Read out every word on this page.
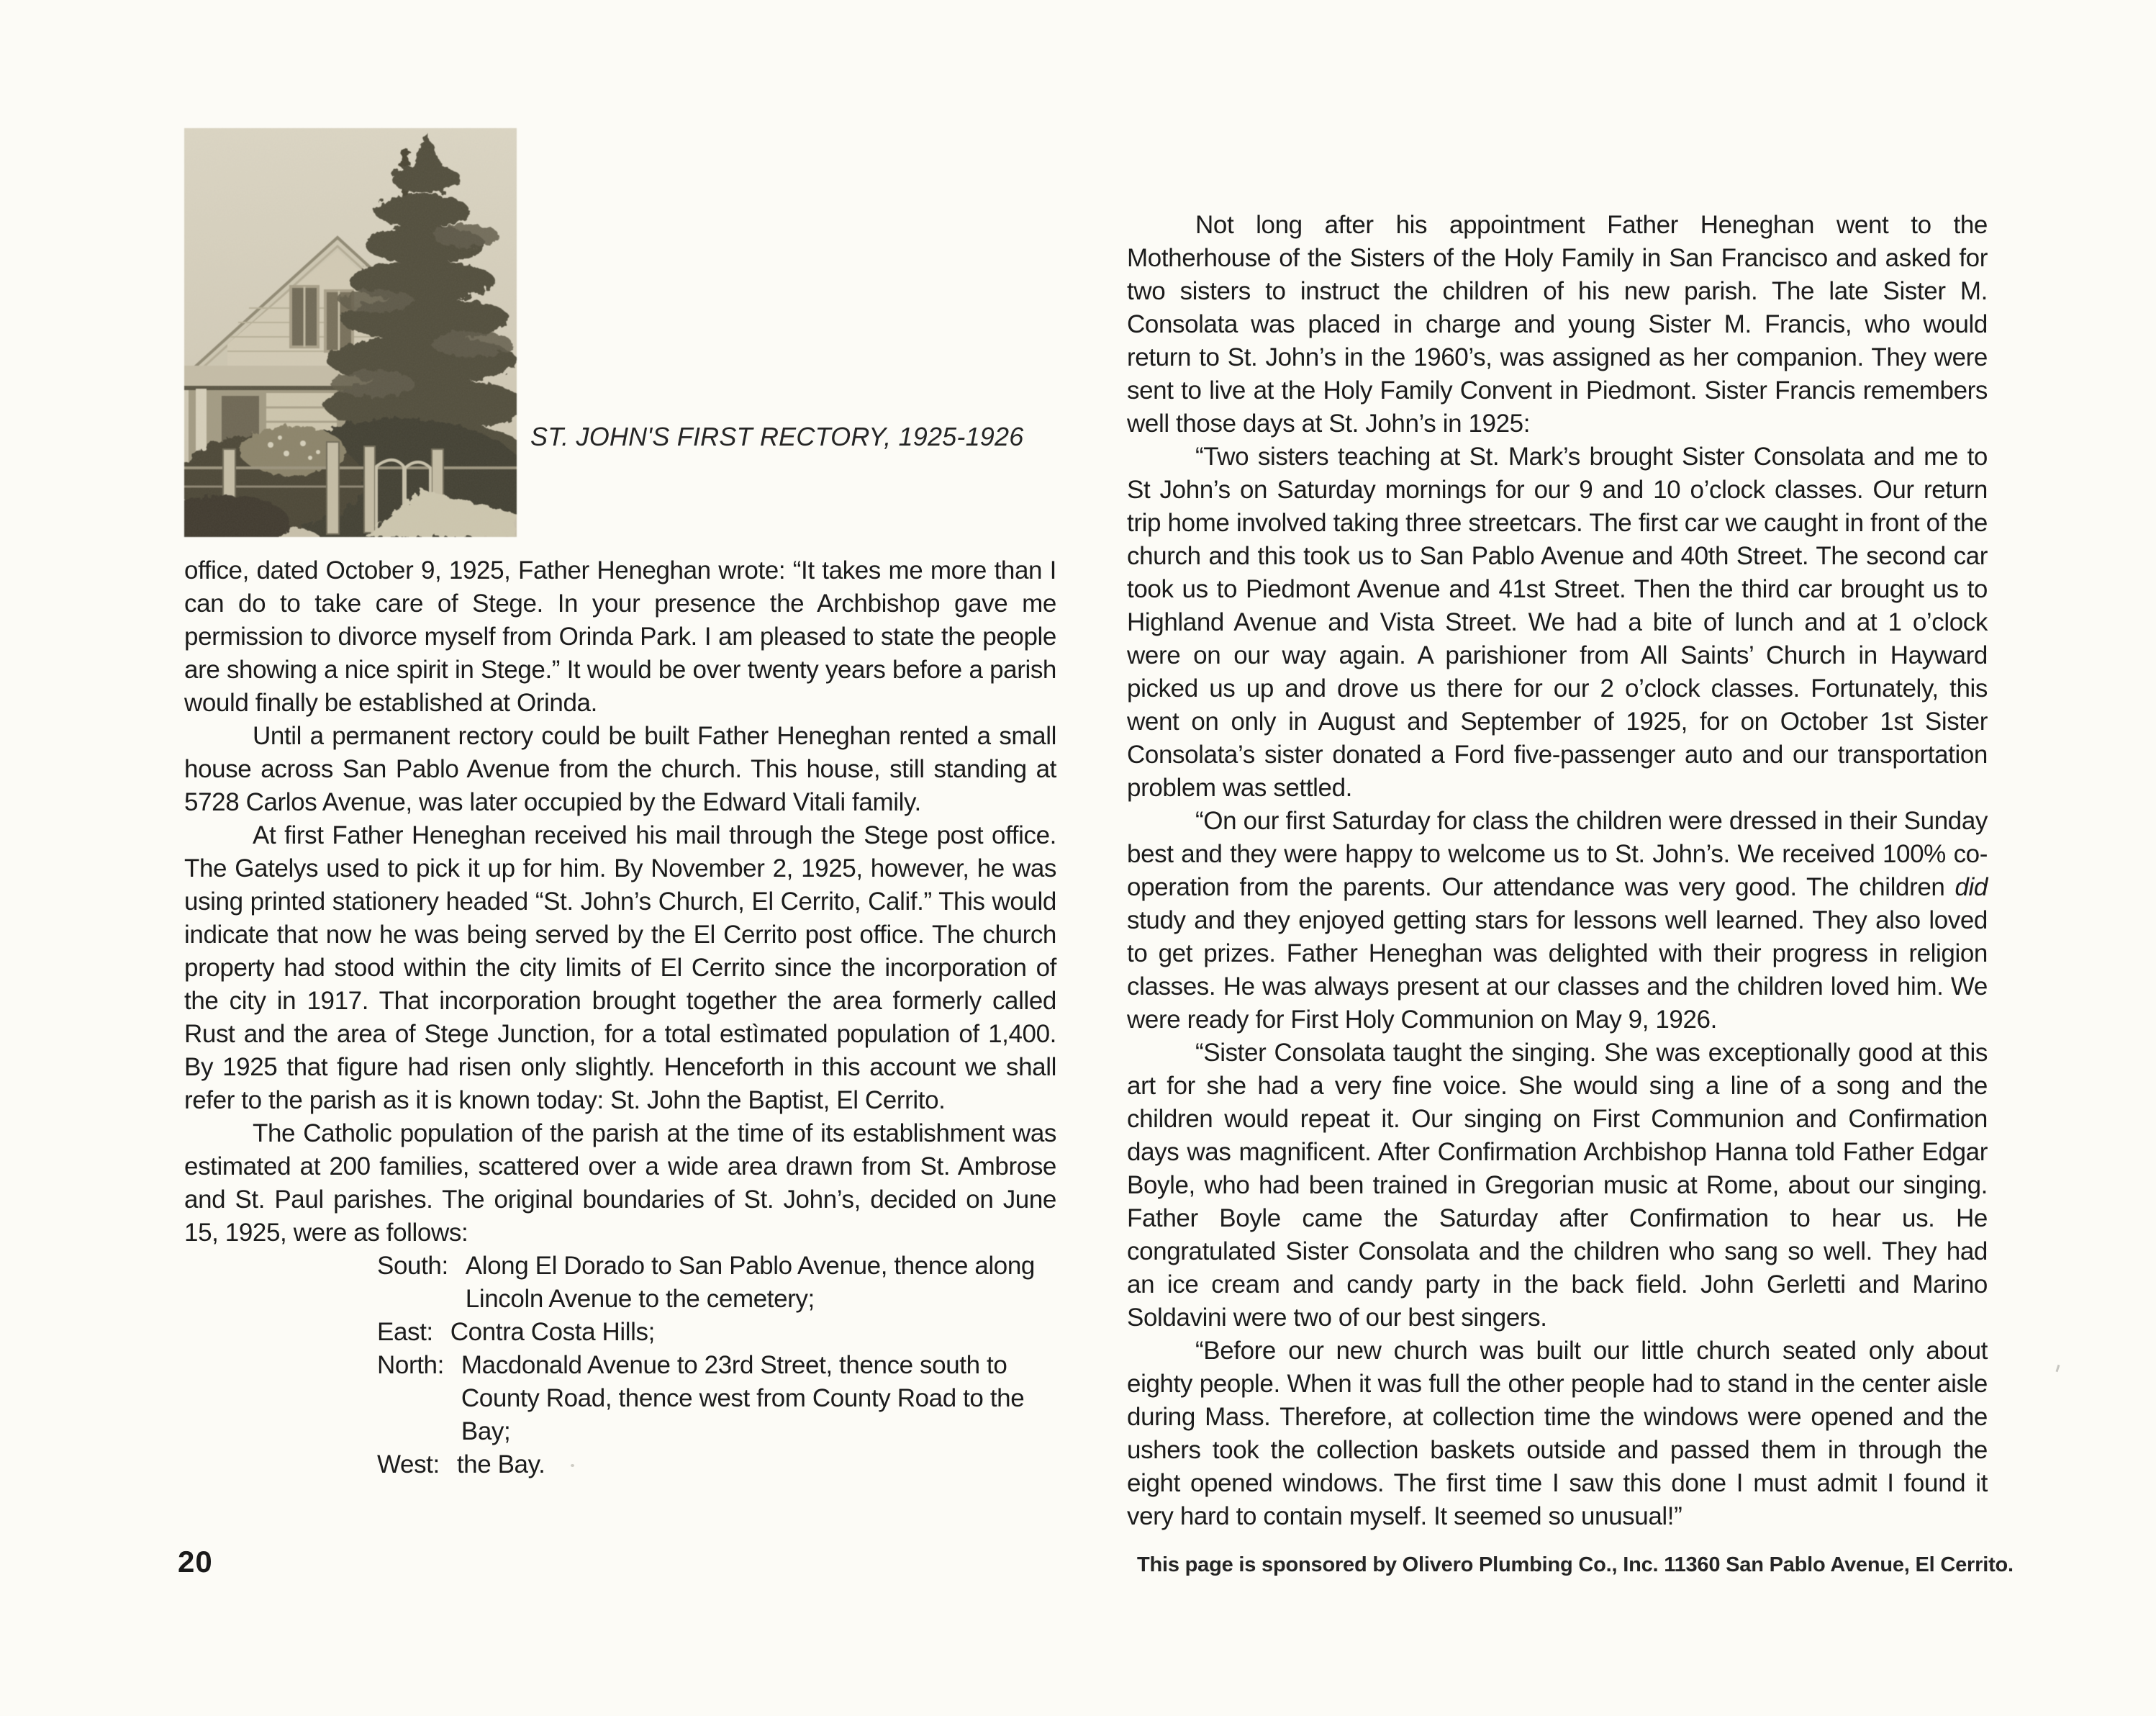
ST. JOHN'S FIRST RECTORY, 1925-1926

office, dated October 9, 1925, Father Heneghan wrote: “It takes me more than I can do to take care of Stege. In your presence the Archbishop gave me permission to divorce myself from Orinda Park. I am pleased to state the people are showing a nice spirit in Stege.” It would be over twenty years before a parish would finally be established at Orinda.

Until a permanent rectory could be built Father Heneghan rented a small house across San Pablo Avenue from the church. This house, still standing at 5728 Carlos Avenue, was later occupied by the Edward Vitali family.

At first Father Heneghan received his mail through the Stege post office. The Gatelys used to pick it up for him. By November 2, 1925, however, he was using printed stationery headed “St. John’s Church, El Cerrito, Calif.” This would indicate that now he was being served by the El Cerrito post office. The church property had stood within the city limits of El Cerrito since the incorporation of the city in 1917. That incorporation brought together the area formerly called Rust and the area of Stege Junction, for a total estìmated population of 1,400. By 1925 that figure had risen only slightly. Henceforth in this account we shall refer to the parish as it is known today: St. John the Baptist, El Cerrito.

The Catholic population of the parish at the time of its establishment was estimated at 200 families, scattered over a wide area drawn from St. Ambrose and St. Paul parishes. The original boundaries of St. John’s, decided on June 15, 1925, were as follows:

South: Along El Dorado to San Pablo Avenue, thence along Lincoln Avenue to the cemetery;
East: Contra Costa Hills;
North: Macdonald Avenue to 23rd Street, thence south to County Road, thence west from County Road to the Bay;
West: the Bay.
20

Not long after his appointment Father Heneghan went to the Motherhouse of the Sisters of the Holy Family in San Francisco and asked for two sisters to instruct the children of his new parish. The late Sister M. Consolata was placed in charge and young Sister M. Francis, who would return to St. John’s in the 1960’s, was assigned as her companion. They were sent to live at the Holy Family Convent in Piedmont. Sister Francis remembers well those days at St. John’s in 1925:

“Two sisters teaching at St. Mark’s brought Sister Consolata and me to St John’s on Saturday mornings for our 9 and 10 o’clock classes. Our return trip home involved taking three streetcars. The first car we caught in front of the church and this took us to San Pablo Avenue and 40th Street. The second car took us to Piedmont Avenue and 41st Street. Then the third car brought us to Highland Avenue and Vista Street. We had a bite of lunch and at 1 o’clock were on our way again. A parishioner from All Saints’ Church in Hayward picked us up and drove us there for our 2 o’clock classes. Fortunately, this went on only in August and September of 1925, for on October 1st Sister Consolata’s sister donated a Ford five-passenger auto and our transportation problem was settled.

“On our first Saturday for class the children were dressed in their Sunday best and they were happy to welcome us to St. John’s. We received 100% co-operation from the parents. Our attendance was very good. The children did study and they enjoyed getting stars for lessons well learned. They also loved to get prizes. Father Heneghan was delighted with their progress in religion classes. He was always present at our classes and the children loved him. We were ready for First Holy Communion on May 9, 1926.

“Sister Consolata taught the singing. She was exceptionally good at this art for she had a very fine voice. She would sing a line of a song and the children would repeat it. Our singing on First Communion and Confirmation days was magnificent. After Confirmation Archbishop Hanna told Father Edgar Boyle, who had been trained in Gregorian music at Rome, about our singing. Father Boyle came the Saturday after Confirmation to hear us. He congratulated Sister Consolata and the children who sang so well. They had an ice cream and candy party in the back field. John Gerletti and Marino Soldavini were two of our best singers.

“Before our new church was built our little church seated only about eighty people. When it was full the other people had to stand in the center aisle during Mass. Therefore, at collection time the windows were opened and the ushers took the collection baskets outside and passed them in through the eight opened windows. The first time I saw this done I must admit I found it very hard to contain myself. It seemed so unusual!”

This page is sponsored by Olivero Plumbing Co., Inc. 11360 San Pablo Avenue, El Cerrito.
